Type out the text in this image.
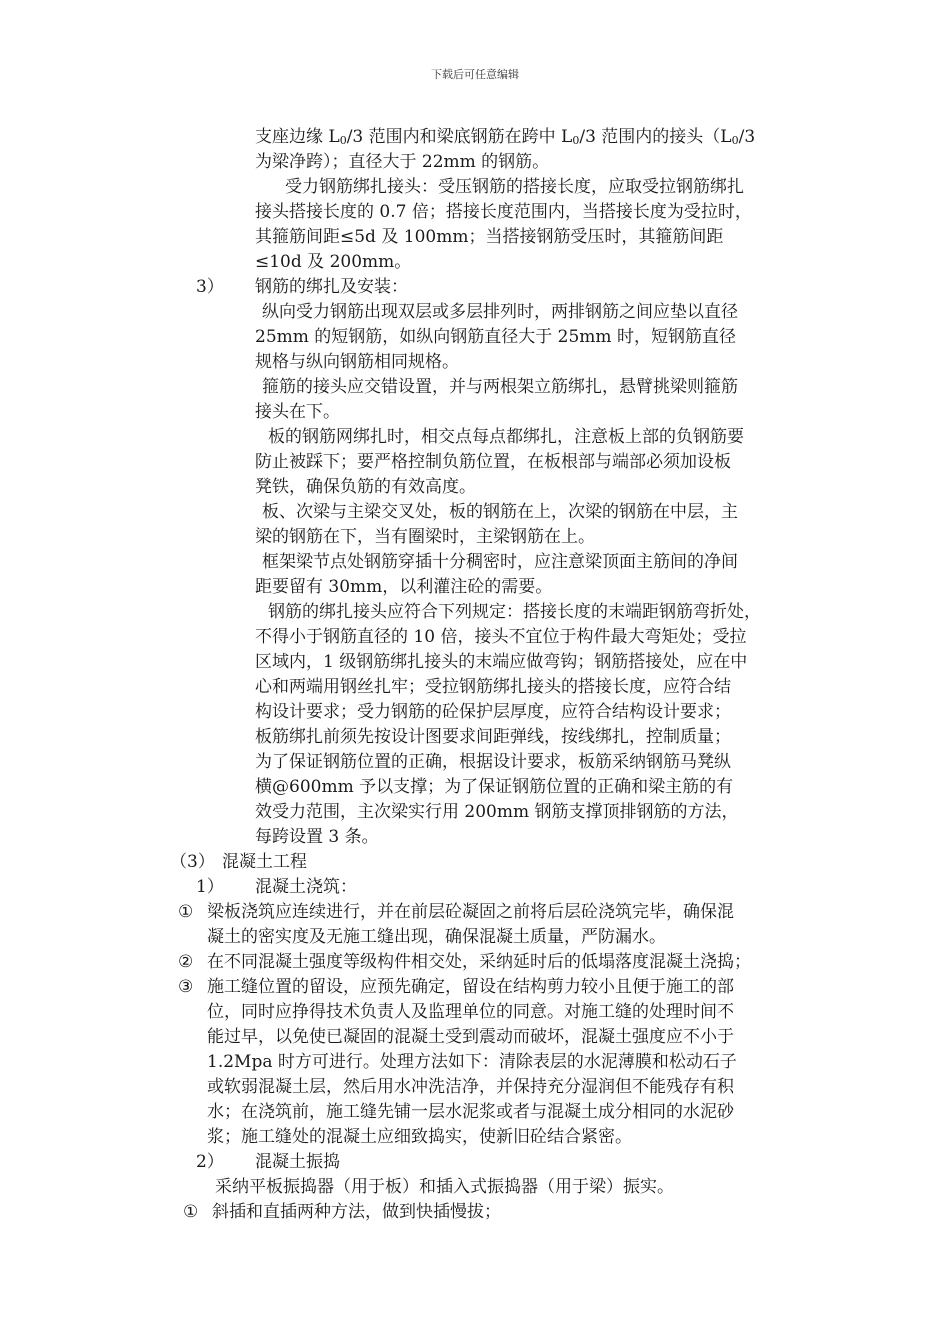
下载后可任意编辑
支座边缘 $L_0/3$ 范围内和梁底钢筋在跨中 $L_0/3$ 范围内的接头（$L_0/3$
为梁净跨）；直径大于 22mm 的钢筋。
受力钢筋绑扎接头：受压钢筋的搭接长度，应取受拉钢筋绑扎
接头搭接长度的 0.7 倍；搭接长度范围内，当搭接长度为受拉时，
其箍筋间距≤5d 及 100mm；当搭接钢筋受压时，其箍筋间距
≤10d 及 200mm。
3） 钢筋的绑扎及安装：
纵向受力钢筋出现双层或多层排列时，两排钢筋之间应垫以直径
25mm 的短钢筋，如纵向钢筋直径大于 25mm 时，短钢筋直径
规格与纵向钢筋相同规格。
箍筋的接头应交错设置，并与两根架立筋绑扎，悬臂挑梁则箍筋
接头在下。
板的钢筋网绑扎时，相交点每点都绑扎，注意板上部的负钢筋要
防止被踩下；要严格控制负筋位置，在板根部与端部必须加设板
凳铁，确保负筋的有效高度。
板、次梁与主梁交叉处，板的钢筋在上，次梁的钢筋在中层，主
梁的钢筋在下，当有圈梁时，主梁钢筋在上。
框架梁节点处钢筋穿插十分稠密时，应注意梁顶面主筋间的净间
距要留有 30mm，以利灌注砼的需要。
钢筋的绑扎接头应符合下列规定：搭接长度的末端距钢筋弯折处，
不得小于钢筋直径的 10 倍，接头不宜位于构件最大弯矩处；受拉
区域内，1 级钢筋绑扎接头的末端应做弯钩；钢筋搭接处，应在中
心和两端用钢丝扎牢；受拉钢筋绑扎接头的搭接长度，应符合结
构设计要求；受力钢筋的砼保护层厚度，应符合结构设计要求；
板筋绑扎前须先按设计图要求间距弹线，按线绑扎，控制质量；
为了保证钢筋位置的正确，根据设计要求，板筋采纳钢筋马凳纵
横@600mm 予以支撑；为了保证钢筋位置的正确和梁主筋的有
效受力范围，主次梁实行用 200mm 钢筋支撑顶排钢筋的方法，
每跨设置 3 条。
（3） 混凝土工程
1） 混凝土浇筑：
① 梁板浇筑应连续进行，并在前层砼凝固之前将后层砼浇筑完毕，确保混
凝土的密实度及无施工缝出现，确保混凝土质量，严防漏水。
② 在不同混凝土强度等级构件相交处，采纳延时后的低塌落度混凝土浇捣；
③ 施工缝位置的留设，应预先确定，留设在结构剪力较小且便于施工的部
位，同时应挣得技术负责人及监理单位的同意。对施工缝的处理时间不
能过早，以免使已凝固的混凝土受到震动而破坏，混凝土强度应不小于
1.2Mpa 时方可进行。处理方法如下：清除表层的水泥薄膜和松动石子
或软弱混凝土层，然后用水冲洗洁净，并保持充分湿润但不能残存有积
水；在浇筑前，施工缝先铺一层水泥浆或者与混凝土成分相同的水泥砂
浆；施工缝处的混凝土应细致捣实，使新旧砼结合紧密。
2） 混凝土振捣
采纳平板振捣器（用于板）和插入式振捣器（用于梁）振实。
① 斜插和直插两种方法，做到快插慢拔；
